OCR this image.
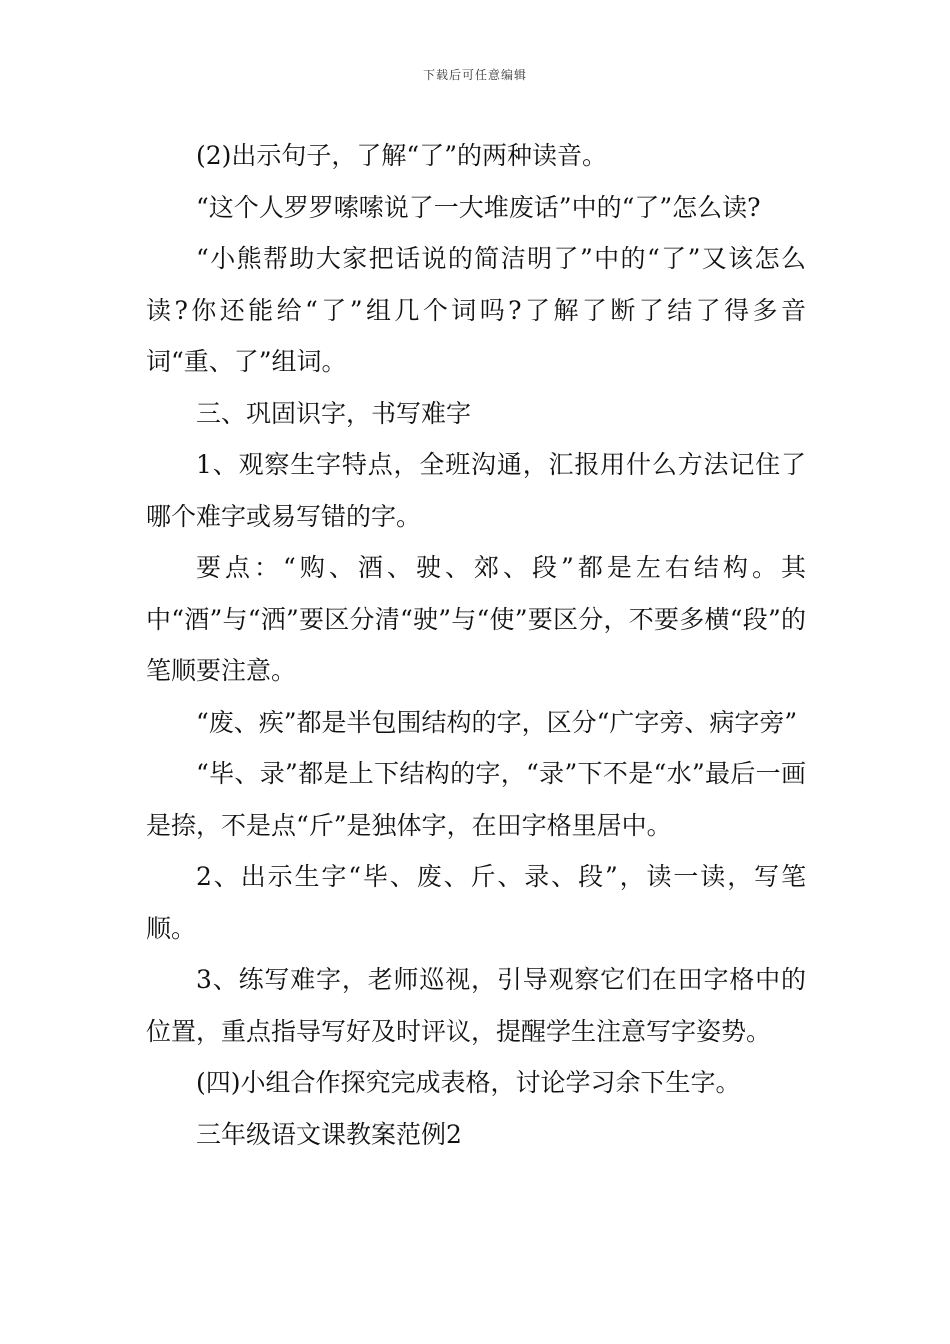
下载后可任意编辑

(2)出示句子，了解“了”的两种读音。

“这个人罗罗嗦嗦说了一大堆废话”中的“了”怎么读?

“小熊帮助大家把话说的简洁明了”中的“了”又该怎么读?你还能给“了”组几个词吗?了解了断了结了得多音词“重、了”组词。

三、巩固识字，书写难字

1、观察生字特点，全班沟通，汇报用什么方法记住了哪个难字或易写错的字。

要点：“购、酒、驶、郊、段”都是左右结构。其中“酒”与“洒”要区分清“驶”与“使”要区分，不要多横“段”的笔顺要注意。

“废、疾”都是半包围结构的字，区分“广字旁、病字旁”

“毕、录”都是上下结构的字，“录”下不是“水”最后一画是捺，不是点“斤”是独体字，在田字格里居中。

2、出示生字“毕、废、斤、录、段”，读一读，写笔顺。

3、练写难字，老师巡视，引导观察它们在田字格中的位置，重点指导写好及时评议，提醒学生注意写字姿势。

(四)小组合作探究完成表格，讨论学习余下生字。

三年级语文课教案范例2
